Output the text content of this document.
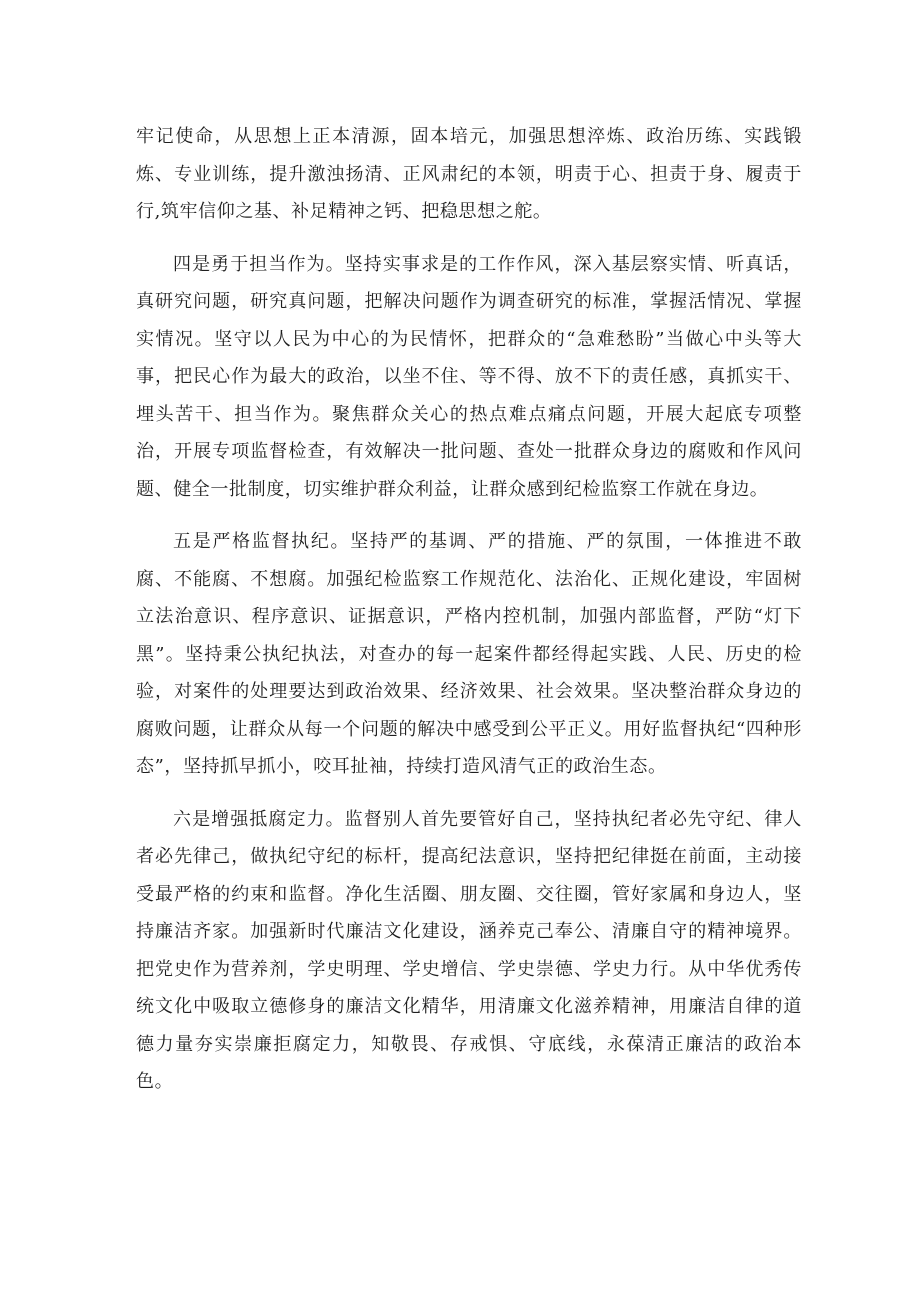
牢记使命，从思想上正本清源，固本培元，加强思想淬炼、政治历练、实践锻炼、专业训练，提升激浊扬清、正风肃纪的本领，明责于心、担责于身、履责于行,筑牢信仰之基、补足精神之钙、把稳思想之舵。

四是勇于担当作为。坚持实事求是的工作作风，深入基层察实情、听真话，真研究问题，研究真问题，把解决问题作为调查研究的标准，掌握活情况、掌握实情况。坚守以人民为中心的为民情怀，把群众的“急难愁盼”当做心中头等大事，把民心作为最大的政治，以坐不住、等不得、放不下的责任感，真抓实干、埋头苦干、担当作为。聚焦群众关心的热点难点痛点问题，开展大起底专项整治，开展专项监督检查，有效解决一批问题、查处一批群众身边的腐败和作风问题、健全一批制度，切实维护群众利益，让群众感到纪检监察工作就在身边。

五是严格监督执纪。坚持严的基调、严的措施、严的氛围，一体推进不敢腐、不能腐、不想腐。加强纪检监察工作规范化、法治化、正规化建设，牢固树立法治意识、程序意识、证据意识，严格内控机制，加强内部监督，严防“灯下黑”。坚持秉公执纪执法，对查办的每一起案件都经得起实践、人民、历史的检验，对案件的处理要达到政治效果、经济效果、社会效果。坚决整治群众身边的腐败问题，让群众从每一个问题的解决中感受到公平正义。用好监督执纪“四种形态”，坚持抓早抓小，咬耳扯袖，持续打造风清气正的政治生态。

六是增强抵腐定力。监督别人首先要管好自己，坚持执纪者必先守纪、律人者必先律己，做执纪守纪的标杆，提高纪法意识，坚持把纪律挺在前面，主动接受最严格的约束和监督。净化生活圈、朋友圈、交往圈，管好家属和身边人，坚持廉洁齐家。加强新时代廉洁文化建设，涵养克己奉公、清廉自守的精神境界。把党史作为营养剂，学史明理、学史增信、学史崇德、学史力行。从中华优秀传统文化中吸取立德修身的廉洁文化精华，用清廉文化滋养精神，用廉洁自律的道德力量夯实崇廉拒腐定力，知敬畏、存戒惧、守底线，永葆清正廉洁的政治本色。
